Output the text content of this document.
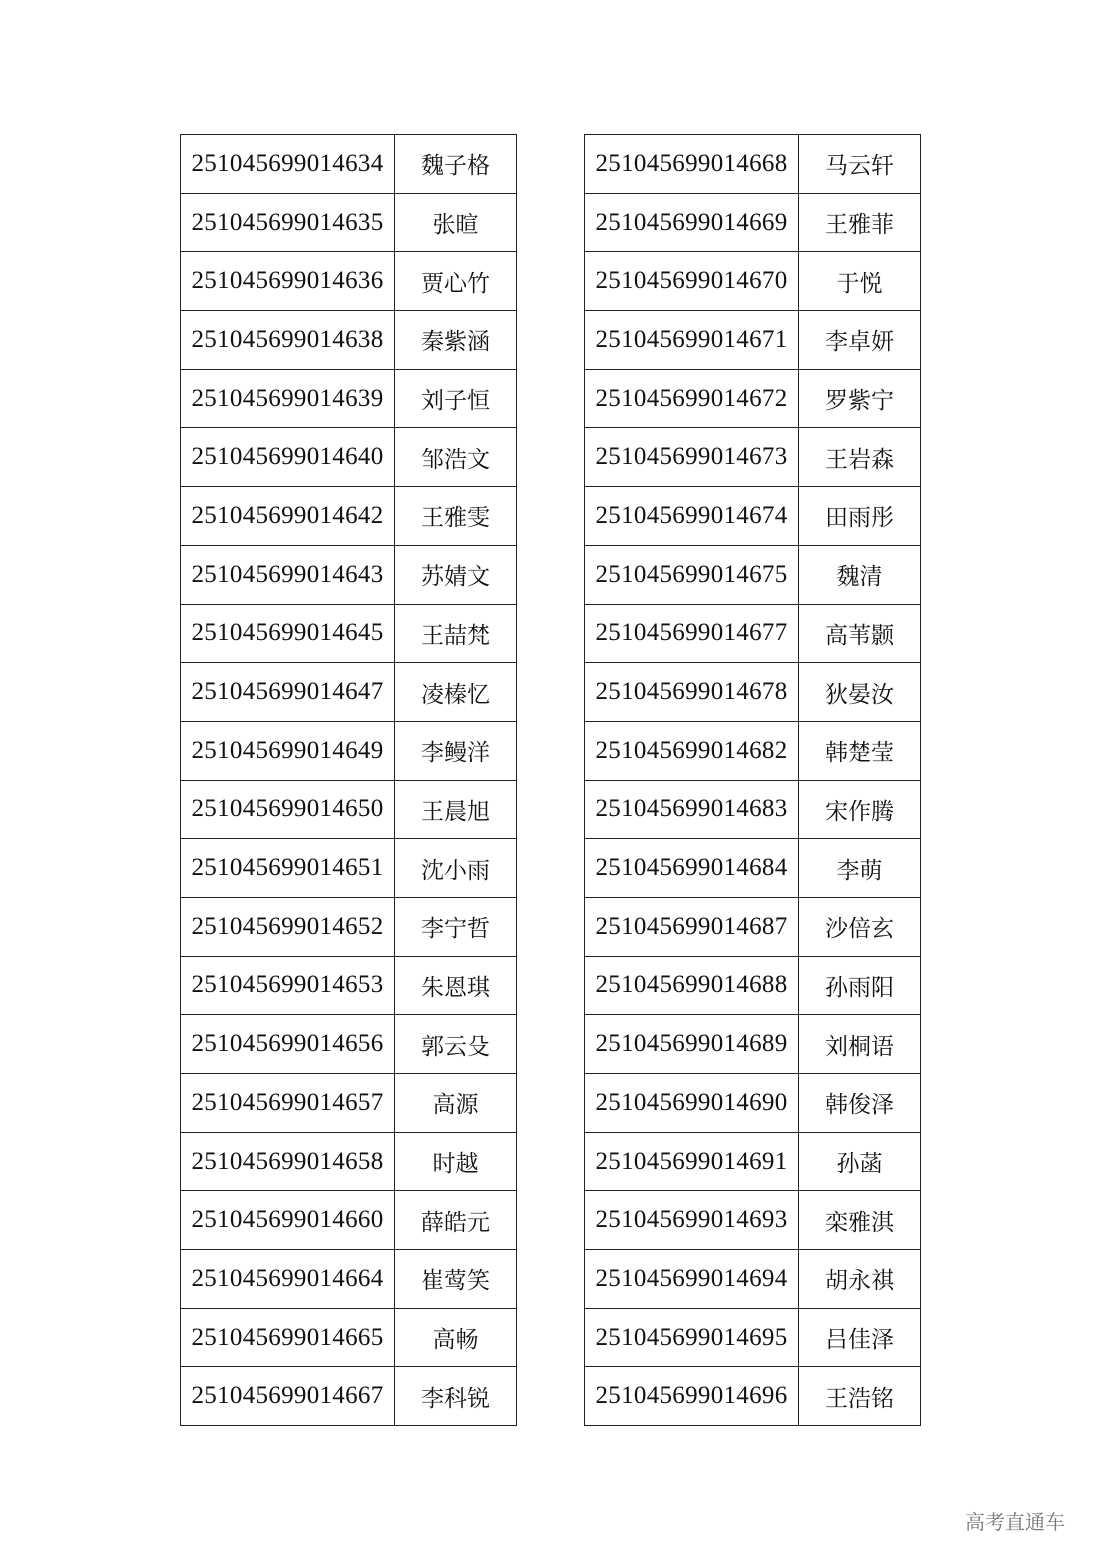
251045699014634	魏子格
251045699014635	张暄
251045699014636	贾心竹
251045699014638	秦紫涵
251045699014639	刘子恒
251045699014640	邹浩文
251045699014642	王雅雯
251045699014643	苏婧文
251045699014645	王喆梵
251045699014647	凌榛忆
251045699014649	李鳗洋
251045699014650	王晨旭
251045699014651	沈小雨
251045699014652	李宁哲
251045699014653	朱恩琪
251045699014656	郭云殳
251045699014657	高源
251045699014658	时越
251045699014660	薛皓元
251045699014664	崔莺笑
251045699014665	高畅
251045699014667	李科锐
251045699014668	马云轩
251045699014669	王雅菲
251045699014670	于悦
251045699014671	李卓妍
251045699014672	罗紫宁
251045699014673	王岩森
251045699014674	田雨彤
251045699014675	魏清
251045699014677	高苇颢
251045699014678	狄晏汝
251045699014682	韩楚莹
251045699014683	宋作腾
251045699014684	李萌
251045699014687	沙倍玄
251045699014688	孙雨阳
251045699014689	刘桐语
251045699014690	韩俊泽
251045699014691	孙菡
251045699014693	栾雅淇
251045699014694	胡永祺
251045699014695	吕佳泽
251045699014696	王浩铭
高考直通车
